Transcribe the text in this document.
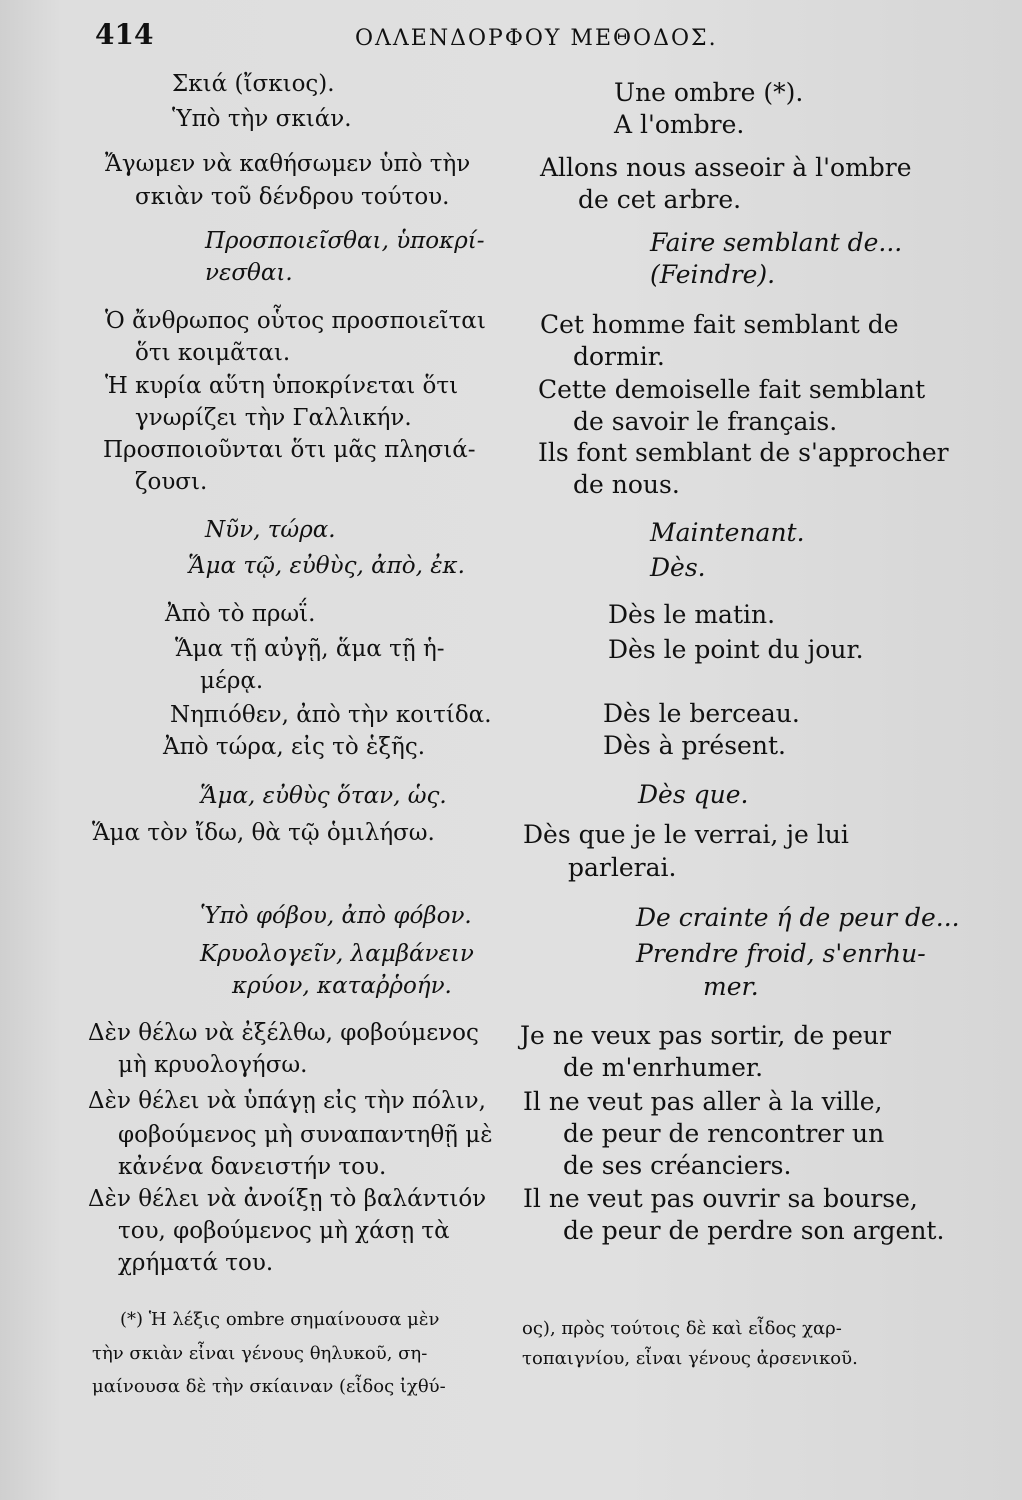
414	ΟΛΛΕΝΔΟΡΦΟΥ ΜΕΘΟΔΟΣ.
Σκιά (ἴσκιος).
Ὑπὸ τὴν σκιάν.
Ἄγωμεν νὰ καθήσωμεν ὑπὸ τὴν
σκιὰν τοῦ δένδρου τούτου.
Προσποιεῖσθαι, ὑποκρί-
νεσθαι.
Ὁ ἄνθρωπος οὗτος προσποιεῖται
ὅτι κοιμᾶται.
Ἡ κυρία αὕτη ὑποκρίνεται ὅτι
γνωρίζει τὴν Γαλλικήν.
Προσποιοῦνται ὅτι μᾶς πλησιά-
ζουσι.
Νῦν, τώρα.
Ἅμα τῷ, εὐθὺς, ἀπὸ, ἐκ.
Ἀπὸ τὸ πρωΐ.
Ἅμα τῇ αὐγῇ, ἅμα τῇ ἡ-
μέρᾳ.
Νηπιόθεν, ἀπὸ τὴν κοιτίδα.
Ἀπὸ τώρα, εἰς τὸ ἑξῆς.
Ἅμα, εὐθὺς ὅταν, ὡς.
Ἅμα τὸν ἴδω, θὰ τῷ ὁμιλήσω.
Ὑπὸ φόβου, ἀπὸ φόβον.
Κρυολογεῖν, λαμβάνειν
κρύον, καταῤῥοήν.
Δὲν θέλω νὰ ἐξέλθω, φοβούμενος
μὴ κρυολογήσω.
Δὲν θέλει νὰ ὑπάγῃ εἰς τὴν πόλιν,
φοβούμενος μὴ συναπαντηθῇ μὲ
κἀνένα δανειστήν του.
Δὲν θέλει νὰ ἀνοίξῃ τὸ βαλάντιόν
του, φοβούμενος μὴ χάσῃ τὰ
χρήματά του.
Une ombre (*).
A l'ombre.
Allons nous asseoir à l'ombre
de cet arbre.
Faire semblant de...
(Feindre).
Cet homme fait semblant de
dormir.
Cette demoiselle fait semblant
de savoir le français.
Ils font semblant de s'approcher
de nous.
Maintenant.
Dès.
Dès le matin.
Dès le point du jour.
Dès le berceau.
Dès à présent.
Dès que.
Dès que je le verrai, je lui
parlerai.
De crainte ή de peur de...
Prendre froid, s'enrhu-
mer.
Je ne veux pas sortir, de peur
de m'enrhumer.
Il ne veut pas aller à la ville,
de peur de rencontrer un
de ses créanciers.
Il ne veut pas ouvrir sa bourse,
de peur de perdre son argent.
(*) Ἡ λέξις ombre σημαίνουσα μὲν
τὴν σκιὰν εἶναι γένους θηλυκοῦ, ση-
μαίνουσα δὲ τὴν σκίαιναν (εἶδος ἰχθύ-
ος), πρὸς τούτοις δὲ καὶ εἶδος χαρ-
τοπαιγνίου, εἶναι γένους ἀρσενικοῦ.
